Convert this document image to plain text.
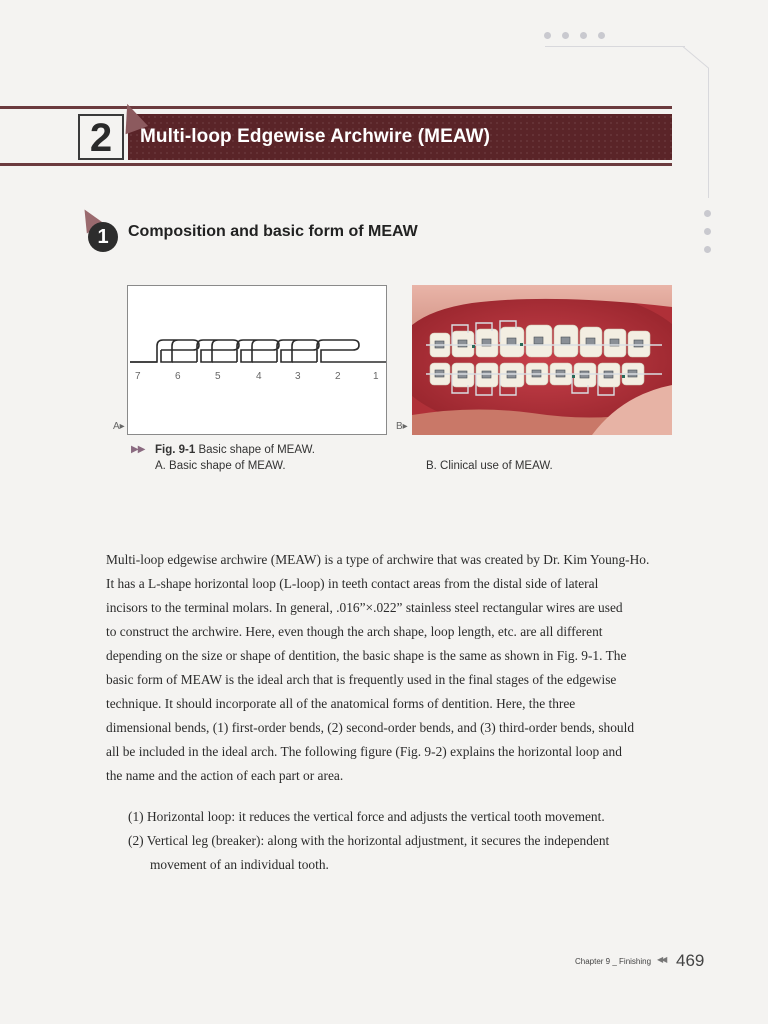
2	Multi-loop Edgewise Archwire (MEAW)
1	Composition and basic form of MEAW
7	6	5	4	3	2	1
A▸	B▸
▶▶ Fig. 9-1 Basic shape of MEAW.
A. Basic shape of MEAW.	B. Clinical use of MEAW.
Multi-loop edgewise archwire (MEAW) is a type of archwire that was created by Dr. Kim Young-Ho.
It has a L-shape horizontal loop (L-loop) in teeth contact areas from the distal side of lateral
incisors to the terminal molars. In general, .016”×.022” stainless steel rectangular wires are used
to construct the archwire. Here, even though the arch shape, loop length, etc. are all different
depending on the size or shape of dentition, the basic shape is the same as shown in Fig. 9-1. The
basic form of MEAW is the ideal arch that is frequently used in the final stages of the edgewise
technique. It should incorporate all of the anatomical forms of dentition. Here, the three
dimensional bends, (1) first-order bends, (2) second-order bends, and (3) third-order bends, should
all be included in the ideal arch. The following figure (Fig. 9-2) explains the horizontal loop and
the name and the action of each part or area.
(1) Horizontal loop: it reduces the vertical force and adjusts the vertical tooth movement.
(2) Vertical leg (breaker): along with the horizontal adjustment, it secures the independent
movement of an individual tooth.
Chapter 9 _ Finishing ◀◀ 469
